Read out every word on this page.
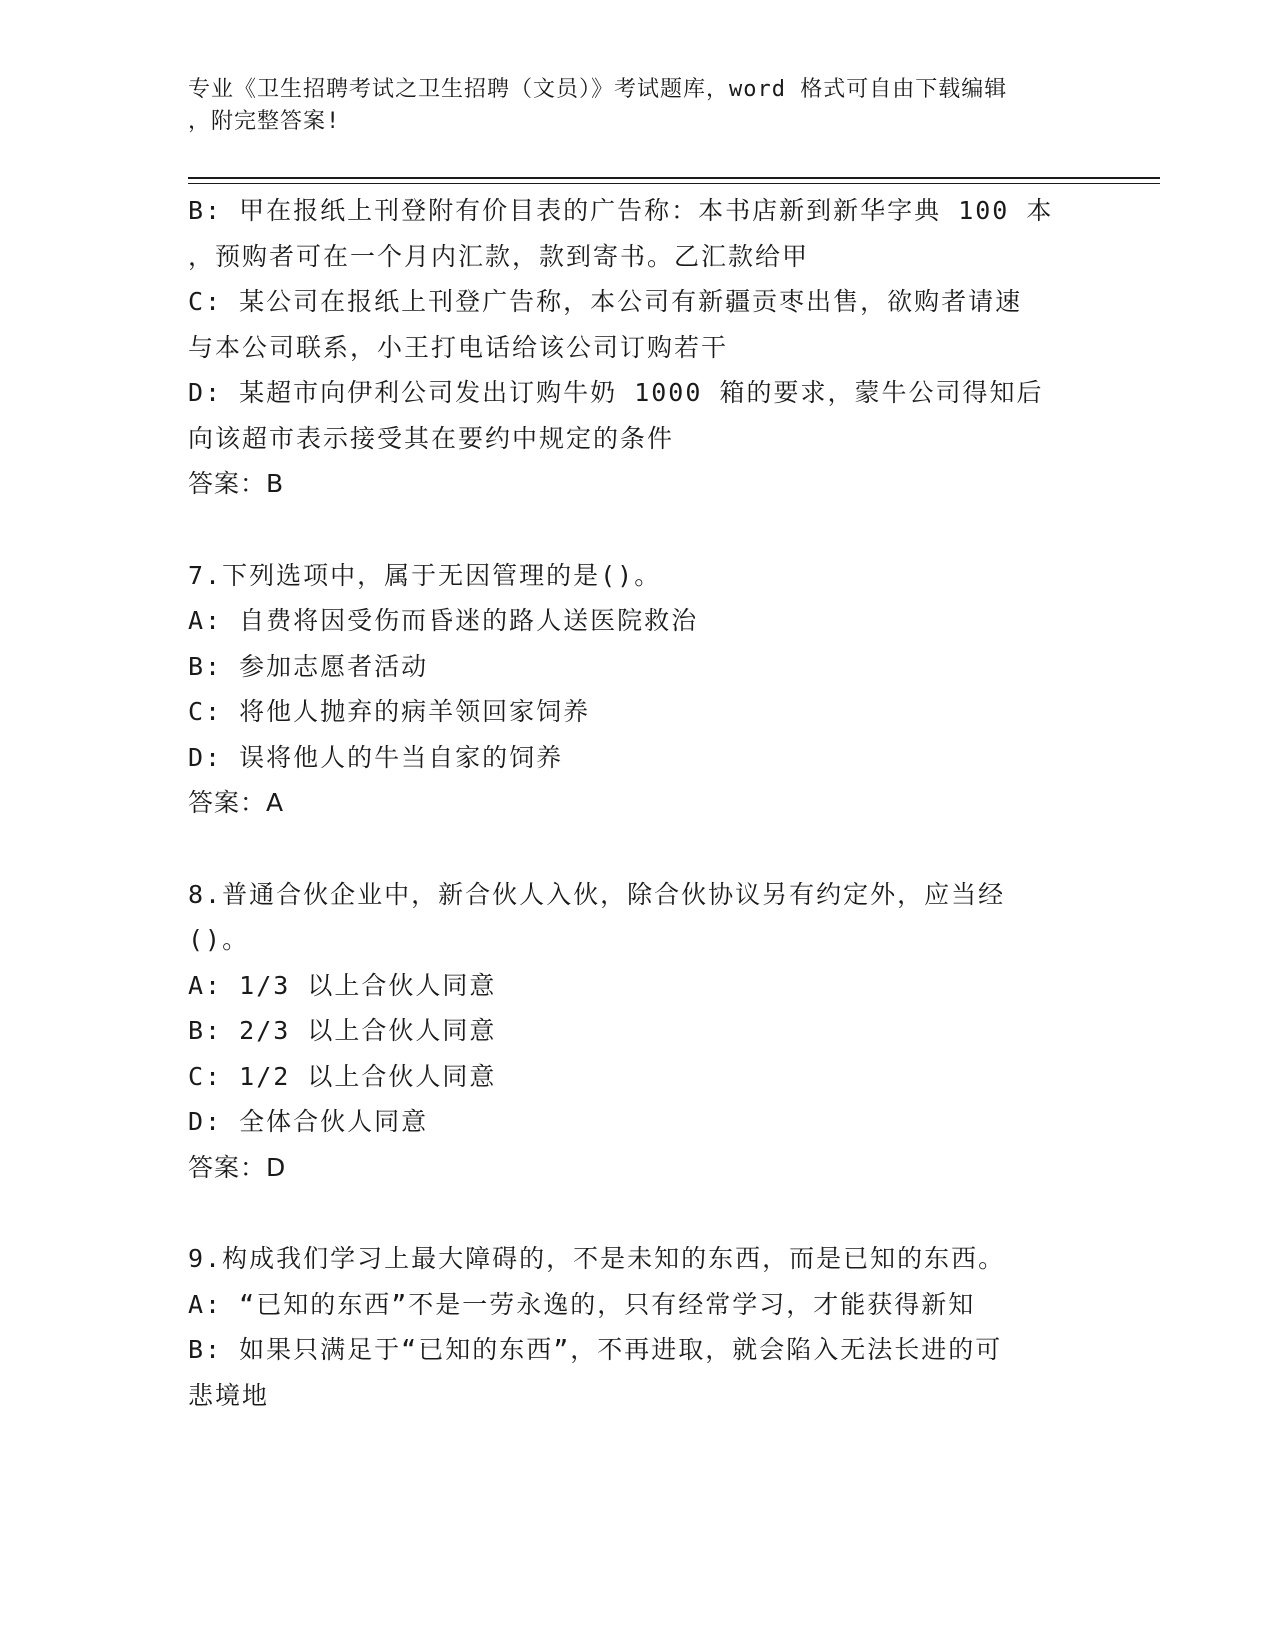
专业《卫生招聘考试之卫生招聘（文员）》考试题库，word 格式可自由下载编辑
，附完整答案!
B: 甲在报纸上刊登附有价目表的广告称：本书店新到新华字典 100 本
，预购者可在一个月内汇款，款到寄书。乙汇款给甲
C: 某公司在报纸上刊登广告称，本公司有新疆贡枣出售，欲购者请速
与本公司联系，小王打电话给该公司订购若干
D: 某超市向伊利公司发出订购牛奶 1000 箱的要求，蒙牛公司得知后
向该超市表示接受其在要约中规定的条件
答案：B
7.下列选项中，属于无因管理的是()。
A: 自费将因受伤而昏迷的路人送医院救治
B: 参加志愿者活动
C: 将他人抛弃的病羊领回家饲养
D: 误将他人的牛当自家的饲养
答案：A
8.普通合伙企业中，新合伙人入伙，除合伙协议另有约定外，应当经
()。
A: 1/3 以上合伙人同意
B: 2/3 以上合伙人同意
C: 1/2 以上合伙人同意
D: 全体合伙人同意
答案：D
9.构成我们学习上最大障碍的，不是未知的东西，而是已知的东西。
A: “已知的东西”不是一劳永逸的，只有经常学习，才能获得新知
B: 如果只满足于“已知的东西”，不再进取，就会陷入无法长进的可
悲境地
